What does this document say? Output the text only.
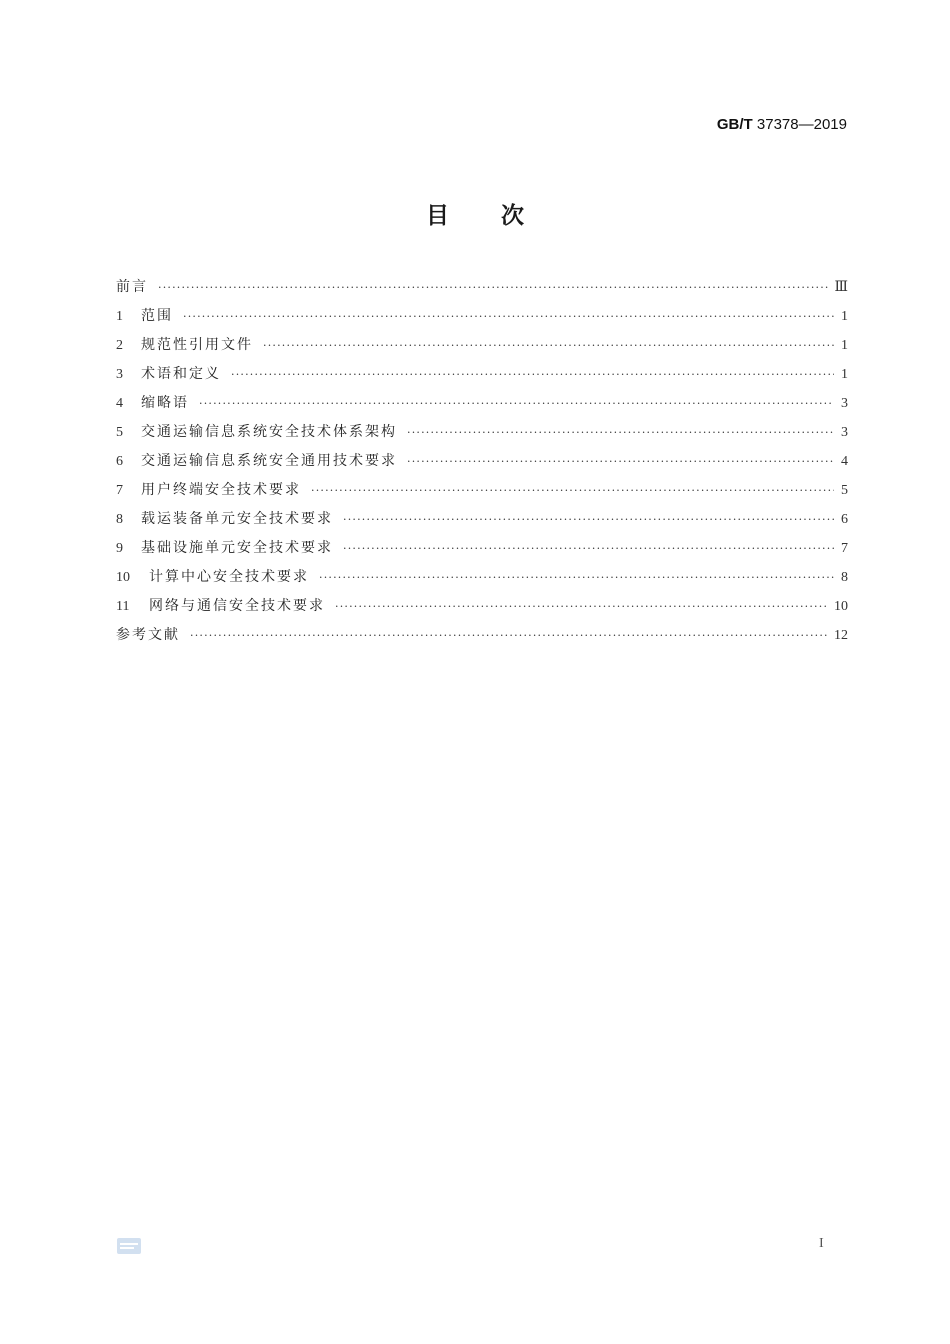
GB/T 37378—2019
目 次
前言 ·····	Ⅲ
1	范围 ·····	1
2	规范性引用文件 ·····	1
3	术语和定义 ·····	1
4	缩略语 ·····	3
5	交通运输信息系统安全技术体系架构 ·····	3
6	交通运输信息系统安全通用技术要求 ·····	4
7	用户终端安全技术要求 ·····	5
8	载运装备单元安全技术要求 ·····	6
9	基础设施单元安全技术要求 ·····	7
10	计算中心安全技术要求 ·····	8
11	网络与通信安全技术要求 ·····	10
参考文献 ·····	12
I
